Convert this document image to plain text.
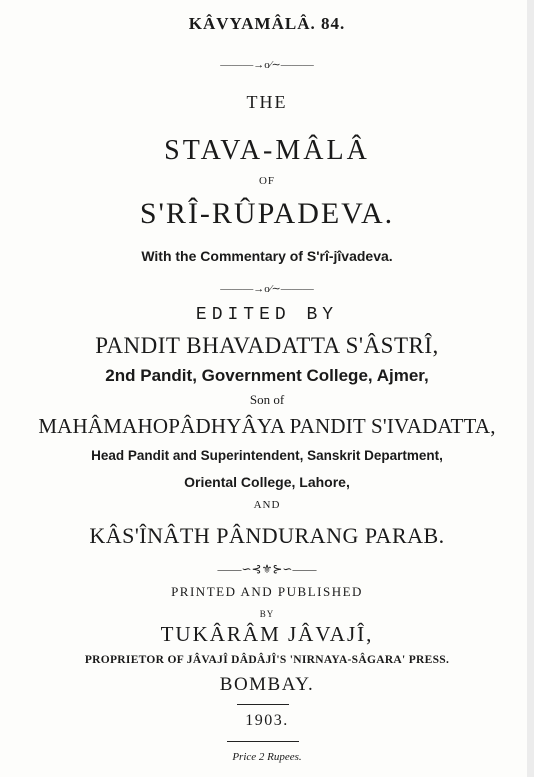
KÂVYAMÂLÂ. 84.
———→o⁄∼———
THE
STAVA-MÂLÂ
OF
S'RÎ-RÛPADEVA.
With the Commentary of S'rî-jîvadeva.
———→o⁄∼———
EDITED BY
PANDIT BHAVADATTA S'ÂSTRÎ,
2nd Pandit, Government College, Ajmer,
Son of
MAHÂMAHOPÂDHYÂYA PANDIT S'IVADATTA,
Head Pandit and Superintendent, Sanskrit Department,
Oriental College, Lahore,
AND
KÂS'ÎNÂTH PÂNDURANG PARAB.
——∽⊰⚜⊱∽——
PRINTED AND PUBLISHED
BY
TUKÂRÂM JÂVAJÎ,
PROPRIETOR OF JÂVAJÎ DÂDÂJÎ'S 'NIRNAYA-SÂGARA' PRESS.
BOMBAY.
1903.
Price 2 Rupees.
